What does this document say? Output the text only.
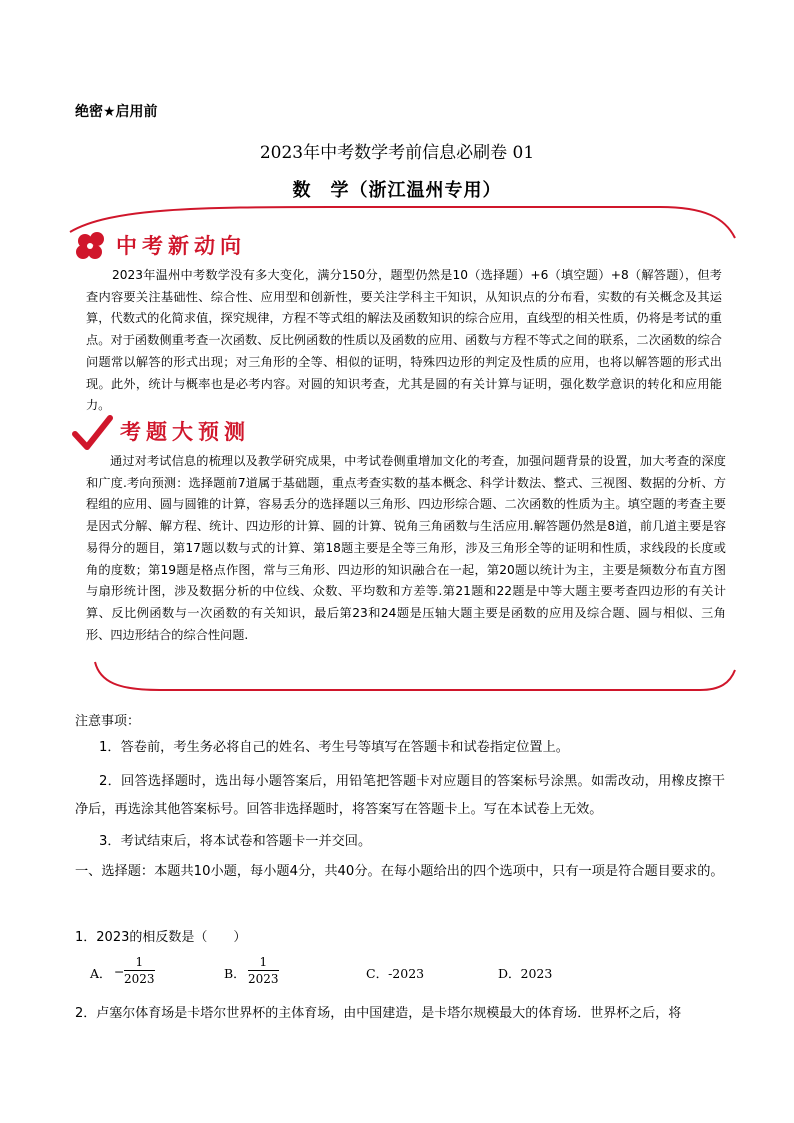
绝密★启用前
2023年中考数学考前信息必刷卷 01
数　学（浙江温州专用）
中考新动向
2023年温州中考数学没有多大变化，满分150分，题型仍然是10（选择题）+6（填空题）+8（解答题），但考查内容要关注基础性、综合性、应用型和创新性，要关注学科主干知识，从知识点的分布看，实数的有关概念及其运算，代数式的化简求值，探究规律，方程不等式组的解法及函数知识的综合应用，直线型的相关性质，仍将是考试的重点。对于函数侧重考查一次函数、反比例函数的性质以及函数的应用、函数与方程不等式之间的联系，二次函数的综合问题常以解答的形式出现；对三角形的全等、相似的证明，特殊四边形的判定及性质的应用，也将以解答题的形式出现。此外，统计与概率也是必考内容。对圆的知识考查，尤其是圆的有关计算与证明，强化数学意识的转化和应用能力。
考题大预测
通过对考试信息的梳理以及教学研究成果，中考试卷侧重增加文化的考查，加强问题背景的设置，加大考查的深度和广度.考向预测：选择题前7道属于基础题，重点考查实数的基本概念、科学计数法、整式、三视图、数据的分析、方程组的应用、圆与圆锥的计算，容易丢分的选择题以三角形、四边形综合题、二次函数的性质为主。填空题的考查主要是因式分解、解方程、统计、四边形的计算、圆的计算、锐角三角函数与生活应用.解答题仍然是8道，前几道主要是容易得分的题目，第17题以数与式的计算、第18题主要是全等三角形，涉及三角形全等的证明和性质，求线段的长度或角的度数；第19题是格点作图，常与三角形、四边形的知识融合在一起，第20题以统计为主，主要是频数分布直方图与扇形统计图，涉及数据分析的中位线、众数、平均数和方差等.第21题和22题是中等大题主要考查四边形的有关计算、反比例函数与一次函数的有关知识，最后第23和24题是压轴大题主要是函数的应用及综合题、圆与相似、三角形、四边形结合的综合性问题.
注意事项：
1．答卷前，考生务必将自己的姓名、考生号等填写在答题卡和试卷指定位置上。
2．回答选择题时，选出每小题答案后，用铅笔把答题卡对应题目的答案标号涂黑。如需改动，用橡皮擦干净后，再选涂其他答案标号。回答非选择题时，将答案写在答题卡上。写在本试卷上无效。
3．考试结束后，将本试卷和答题卡一并交回。
一、选择题：本题共10小题，每小题4分，共40分。在每小题给出的四个选项中，只有一项是符合题目要求的。
1．2023的相反数是（　　）
A． − $\frac{1}{2023}$	B． $\frac{1}{2023}$	C．-2023	D．2023
2．卢塞尔体育场是卡塔尔世界杯的主体育场，由中国建造，是卡塔尔规模最大的体育场．世界杯之后，将
